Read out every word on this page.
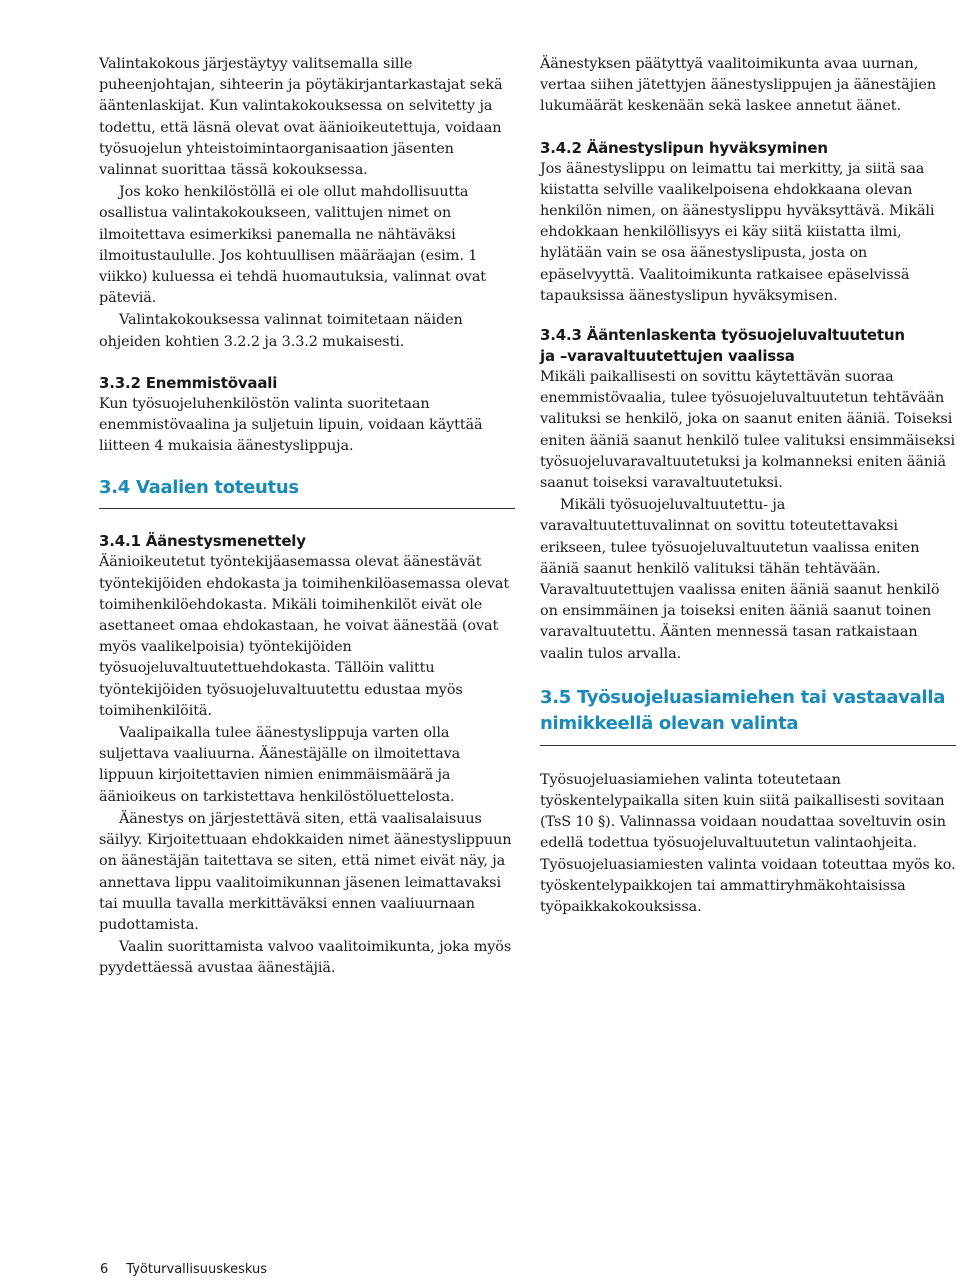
Valintakokous järjestäytyy valitsemalla sille puheenjohtajan, sihteerin ja pöytäkirjantarkastajat sekä ääntenlaskijat. Kun valintakokouksessa on selvitetty ja todettu, että läsnä olevat ovat äänioikeutettuja, voidaan työsuojelun yhteistoimintaorganisaation jäsenten valinnat suorittaa tässä kokouksessa.

Jos koko henkilöstöllä ei ole ollut mahdollisuutta osallistua valintakokoukseen, valittujen nimet on ilmoitettava esimerkiksi panemalla ne nähtäväksi ilmoitustaululle. Jos kohtuullisen määräajan (esim. 1 viikko) kuluessa ei tehdä huomautuksia, valinnat ovat päteviä.

Valintakokouksessa valinnat toimitetaan näiden ohjeiden kohtien 3.2.2 ja 3.3.2 mukaisesti.

3.3.2 Enemmistövaali

Kun työsuojeluhenkilöstön valinta suoritetaan enemmistövaalina ja suljetuin lipuin, voidaan käyttää liitteen 4 mukaisia äänestyslippuja.

3.4 Vaalien toteutus
3.4.1 Äänestysmenettely

Äänioikeutetut työntekijäasemassa olevat äänestävät työntekijöiden ehdokasta ja toimihenkilöasemassa olevat toimihenkilöehdokasta. Mikäli toimihenkilöt eivät ole asettaneet omaa ehdokastaan, he voivat äänestää (ovat myös vaalikelpoisia) työntekijöiden työsuojeluvaltuutettuehdokasta. Tällöin valittu työntekijöiden työsuojeluvaltuutettu edustaa myös toimihenkilöitä.

Vaalipaikalla tulee äänestyslippuja varten olla suljettava vaaliuurna. Äänestäjälle on ilmoitettava lippuun kirjoitettavien nimien enimmäismäärä ja äänioikeus on tarkistettava henkilöstöluettelosta.

Äänestys on järjestettävä siten, että vaalisalaisuus säilyy. Kirjoitettuaan ehdokkaiden nimet äänestyslippuun on äänestäjän taitettava se siten, että nimet eivät näy, ja annettava lippu vaalitoimikunnan jäsenen leimattavaksi tai muulla tavalla merkittäväksi ennen vaaliuurnaan pudottamista.

Vaalin suorittamista valvoo vaalitoimikunta, joka myös pyydettäessä avustaa äänestäjiä.

Äänestyksen päätyttyä vaalitoimikunta avaa uurnan, vertaa siihen jätettyjen äänestyslippujen ja äänestäjien lukumäärät keskenään sekä laskee annetut äänet.

3.4.2 Äänestyslipun hyväksyminen

Jos äänestyslippu on leimattu tai merkitty, ja siitä saa kiistatta selville vaalikelpoisena ehdokkaana olevan henkilön nimen, on äänestyslippu hyväksyttävä. Mikäli ehdokkaan henkilöllisyys ei käy siitä kiistatta ilmi, hylätään vain se osa äänestyslipusta, josta on epäselvyyttä. Vaalitoimikunta ratkaisee epäselvissä tapauksissa äänestyslipun hyväksymisen.

3.4.3 Ääntenlaskenta työsuojeluvaltuutetun
ja –varavaltuutettujen vaalissa

Mikäli paikallisesti on sovittu käytettävän suoraa enemmistövaalia, tulee työsuojeluvaltuutetun tehtävään valituksi se henkilö, joka on saanut eniten ääniä. Toiseksi eniten ääniä saanut henkilö tulee valituksi ensimmäiseksi työsuojeluvaravaltuutetuksi ja kolmanneksi eniten ääniä saanut toiseksi varavaltuutetuksi.

Mikäli työsuojeluvaltuutettu- ja varavaltuutettuvalinnat on sovittu toteutettavaksi erikseen, tulee työsuojeluvaltuutetun vaalissa eniten ääniä saanut henkilö valituksi tähän tehtävään. Varavaltuutettujen vaalissa eniten ääniä saanut henkilö on ensimmäinen ja toiseksi eniten ääniä saanut toinen varavaltuutettu. Äänten mennessä tasan ratkaistaan vaalin tulos arvalla.

3.5 Työsuojeluasiamiehen tai vastaavalla
nimikkeellä olevan valinta

Työsuojeluasiamiehen valinta toteutetaan työskentelypaikalla siten kuin siitä paikallisesti sovitaan (TsS 10 §). Valinnassa voidaan noudattaa soveltuvin osin edellä todettua työsuojeluvaltuutetun valintaohjeita. Työsuojeluasiamiesten valinta voidaan toteuttaa myös ko. työskentelypaikkojen tai ammattiryhmäkohtaisissa työpaikkakokouksissa.

6 Työturvallisuuskeskus
